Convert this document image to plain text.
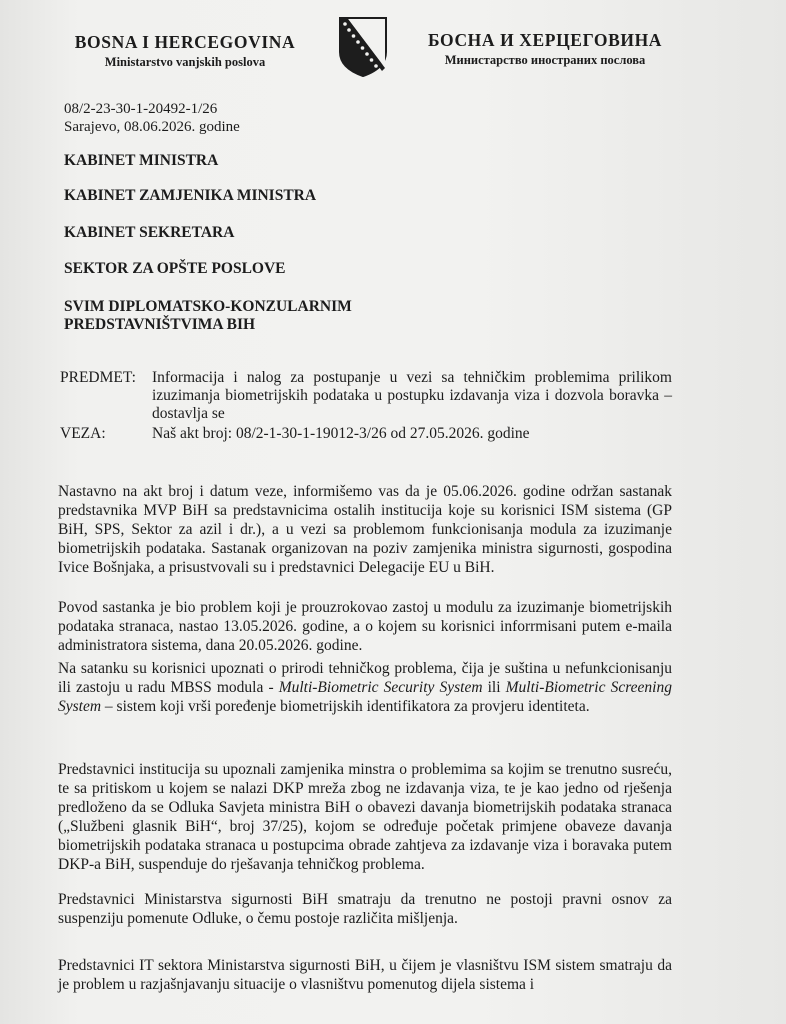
BOSNA I HERCEGOVINA
Ministarstvo vanjskih poslova
БОСНА И ХЕРЦЕГОВИНА
Министарство иностраних послова
08/2-23-30-1-20492-1/26
Sarajevo, 08.06.2026. godine
KABINET MINISTRA
KABINET ZAMJENIKA MINISTRA
KABINET SEKRETARA
SEKTOR ZA OPŠTE POSLOVE
SVIM DIPLOMATSKO-KONZULARNIM
PREDSTAVNIŠTVIMA BIH
PREDMET: Informacija i nalog za postupanje u vezi sa tehničkim problemima prilikom izuzimanja biometrijskih podataka u postupku izdavanja viza i dozvola boravka – dostavlja se
VEZA:	Naš akt broj: 08/2-1-30-1-19012-3/26 od 27.05.2026. godine

Nastavno na akt broj i datum veze, informišemo vas da je 05.06.2026. godine održan sastanak predstavnika MVP BiH sa predstavnicima ostalih institucija koje su korisnici ISM sistema (GP BiH, SPS, Sektor za azil i dr.), a u vezi sa problemom funkcionisanja modula za izuzimanje biometrijskih podataka. Sastanak organizovan na poziv zamjenika ministra sigurnosti, gospodina Ivice Bošnjaka, a prisustvovali su i predstavnici Delegacije EU u BiH.

Povod sastanka je bio problem koji je prouzrokovao zastoj u modulu za izuzimanje biometrijskih podataka stranaca, nastao 13.05.2026. godine, a o kojem su korisnici inforrmisani putem e-maila administratora sistema, dana 20.05.2026. godine.

Na satanku su korisnici upoznati o prirodi tehničkog problema, čija je suština u nefunkcionisanju ili zastoju u radu MBSS modula - Multi-Biometric Security System ili Multi-Biometric Screening System – sistem koji vrši poređenje biometrijskih identifikatora za provjeru identiteta.

Predstavnici institucija su upoznali zamjenika minstra o problemima sa kojim se trenutno susreću, te sa pritiskom u kojem se nalazi DKP mreža zbog ne izdavanja viza, te je kao jedno od rješenja predloženo da se Odluka Savjeta ministra BiH o obavezi davanja biometrijskih podataka stranaca („Službeni glasnik BiH“, broj 37/25), kojom se određuje početak primjene obaveze davanja biometrijskih podataka stranaca u postupcima obrade zahtjeva za izdavanje viza i boravaka putem DKP-a BiH, suspenduje do rješavanja tehničkog problema.

Predstavnici Ministarstva sigurnosti BiH smatraju da trenutno ne postoji pravni osnov za suspenziju pomenute Odluke, o čemu postoje različita mišljenja.

Predstavnici IT sektora Ministarstva sigurnosti BiH, u čijem je vlasništvu ISM sistem smatraju da je problem u razjašnjavanju situacije o vlasništvu pomenutog dijela sistema i
